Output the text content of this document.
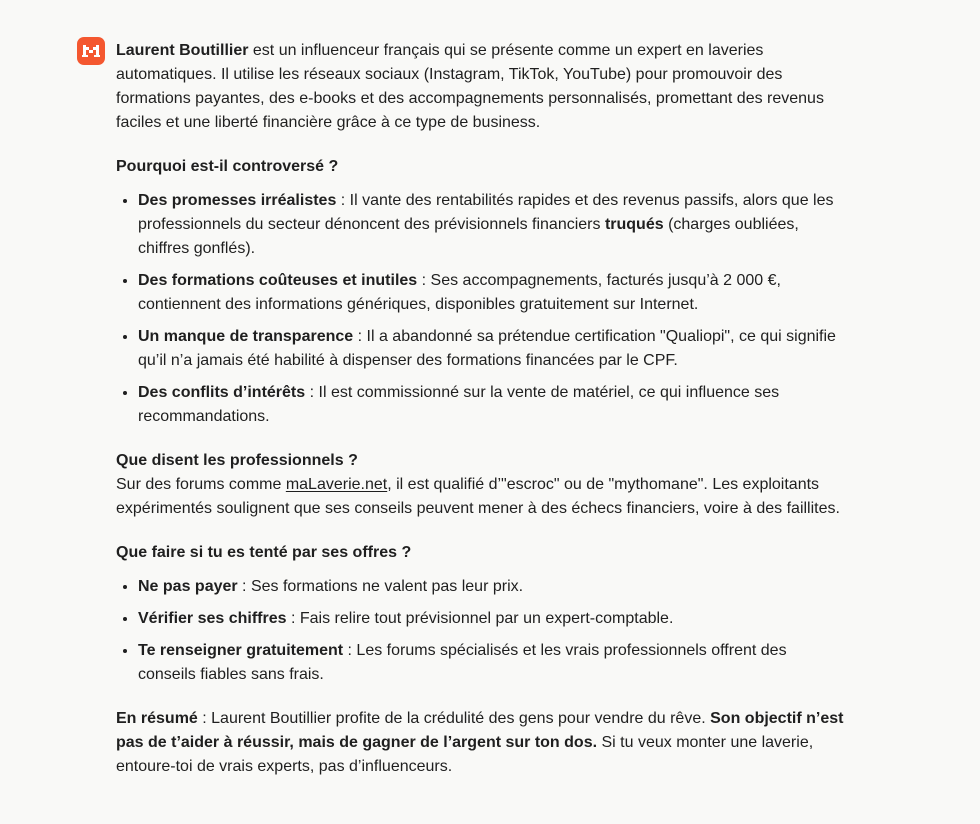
Laurent Boutillier est un influenceur français qui se présente comme un expert en laveries automatiques. Il utilise les réseaux sociaux (Instagram, TikTok, YouTube) pour promouvoir des formations payantes, des e-books et des accompagnements personnalisés, promettant des revenus faciles et une liberté financière grâce à ce type de business.

Pourquoi est-il controversé ?

• Des promesses irréalistes : Il vante des rentabilités rapides et des revenus passifs, alors que les professionnels du secteur dénoncent des prévisionnels financiers truqués (charges oubliées, chiffres gonflés).
• Des formations coûteuses et inutiles : Ses accompagnements, facturés jusqu’à 2 000 €, contiennent des informations génériques, disponibles gratuitement sur Internet.
• Un manque de transparence : Il a abandonné sa prétendue certification "Qualiopi", ce qui signifie qu’il n’a jamais été habilité à dispenser des formations financées par le CPF.
• Des conflits d’intérêts : Il est commissionné sur la vente de matériel, ce qui influence ses recommandations.

Que disent les professionnels ?
Sur des forums comme maLaverie.net, il est qualifié d’"escroc" ou de "mythomane". Les exploitants expérimentés soulignent que ses conseils peuvent mener à des échecs financiers, voire à des faillites.

Que faire si tu es tenté par ses offres ?

• Ne pas payer : Ses formations ne valent pas leur prix.
• Vérifier ses chiffres : Fais relire tout prévisionnel par un expert-comptable.
• Te renseigner gratuitement : Les forums spécialisés et les vrais professionnels offrent des conseils fiables sans frais.

En résumé : Laurent Boutillier profite de la crédulité des gens pour vendre du rêve. Son objectif n’est pas de t’aider à réussir, mais de gagner de l’argent sur ton dos. Si tu veux monter une laverie, entoure-toi de vrais experts, pas d’influenceurs.
